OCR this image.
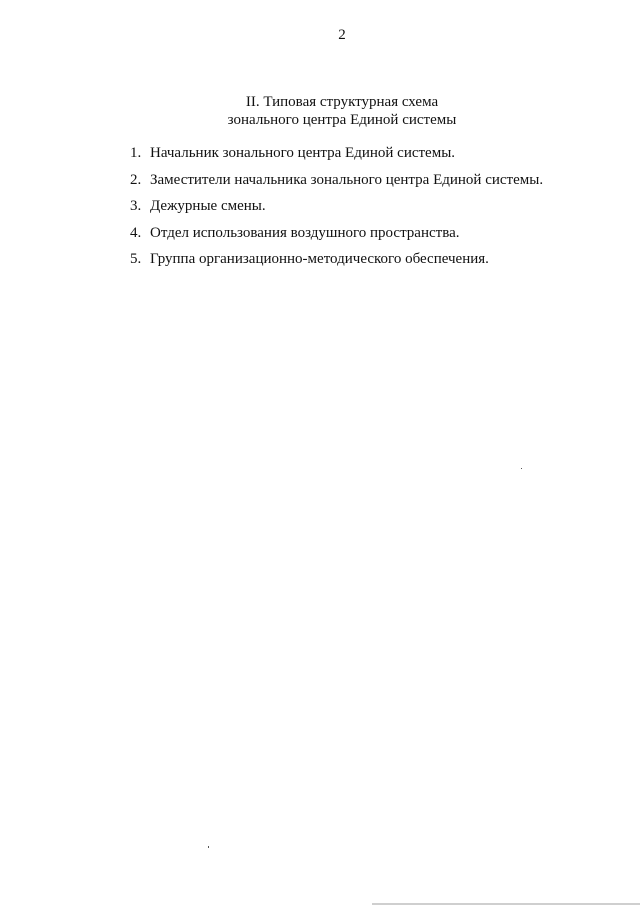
2
II. Типовая структурная схема
зонального центра Единой системы
1. Начальник зонального центра Единой системы.
2. Заместители начальника зонального центра Единой системы.
3. Дежурные смены.
4. Отдел использования воздушного пространства.
5. Группа организационно-методического обеспечения.
